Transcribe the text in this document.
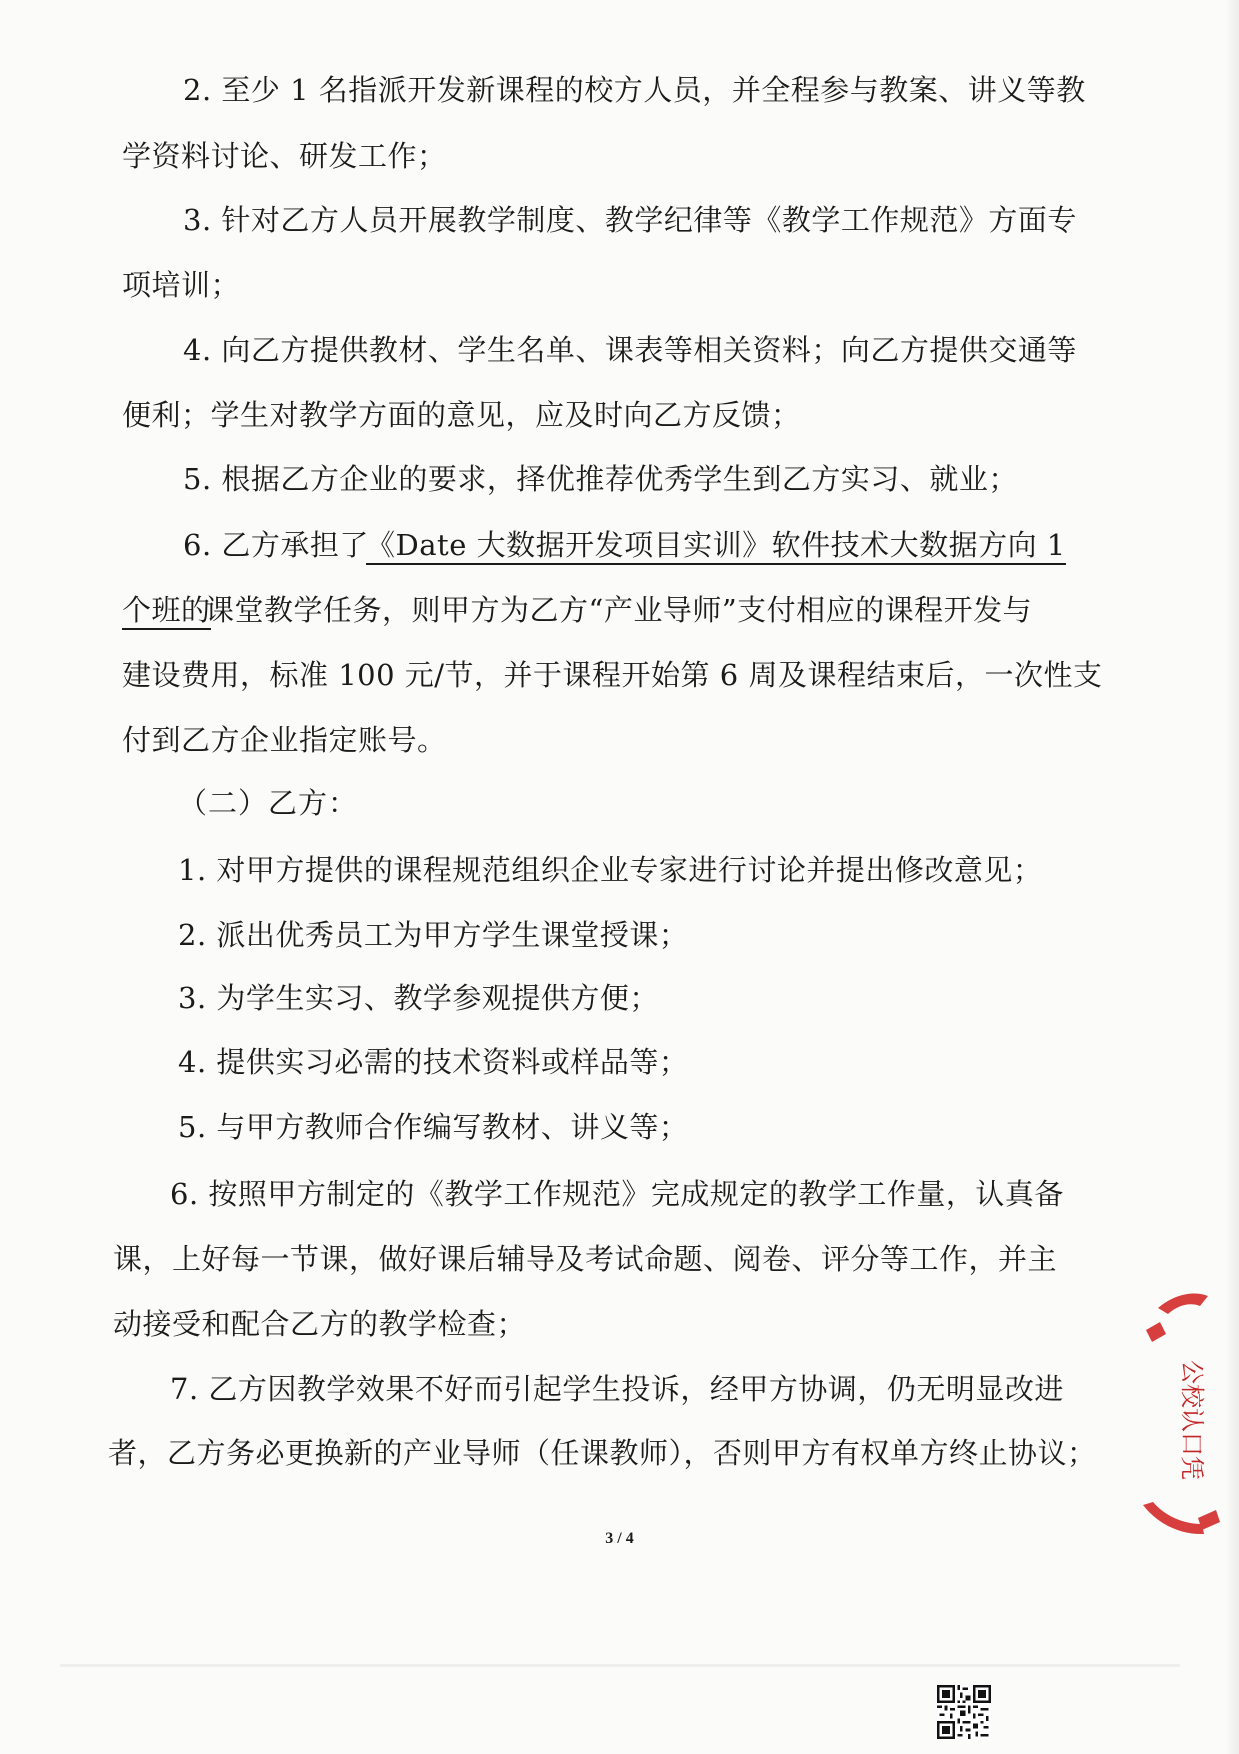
2. 至少 1 名指派开发新课程的校方人员，并全程参与教案、讲义等教
学资料讨论、研发工作；
3. 针对乙方人员开展教学制度、教学纪律等《教学工作规范》方面专
项培训；
4. 向乙方提供教材、学生名单、课表等相关资料；向乙方提供交通等
便利；学生对教学方面的意见，应及时向乙方反馈；
5. 根据乙方企业的要求，择优推荐优秀学生到乙方实习、就业；
6. 乙方承担了
《Date 大数据开发项目实训》软件技术大数据方向 1
个班的
课堂教学任务，则甲方为乙方“产业导师”支付相应的课程开发与
建设费用，标准 100 元/节，并于课程开始第 6 周及课程结束后，一次性支
付到乙方企业指定账号。
（二）乙方：
1. 对甲方提供的课程规范组织企业专家进行讨论并提出修改意见；
2. 派出优秀员工为甲方学生课堂授课；
3. 为学生实习、教学参观提供方便；
4. 提供实习必需的技术资料或样品等；
5. 与甲方教师合作编写教材、讲义等；
6. 按照甲方制定的《教学工作规范》完成规定的教学工作量，认真备
课，上好每一节课，做好课后辅导及考试命题、阅卷、评分等工作，并主
动接受和配合乙方的教学检查；
7. 乙方因教学效果不好而引起学生投诉，经甲方协调，仍无明显改进
者，乙方务必更换新的产业导师（任课教师），否则甲方有权单方终止协议；
3 / 4
公校认口凭
